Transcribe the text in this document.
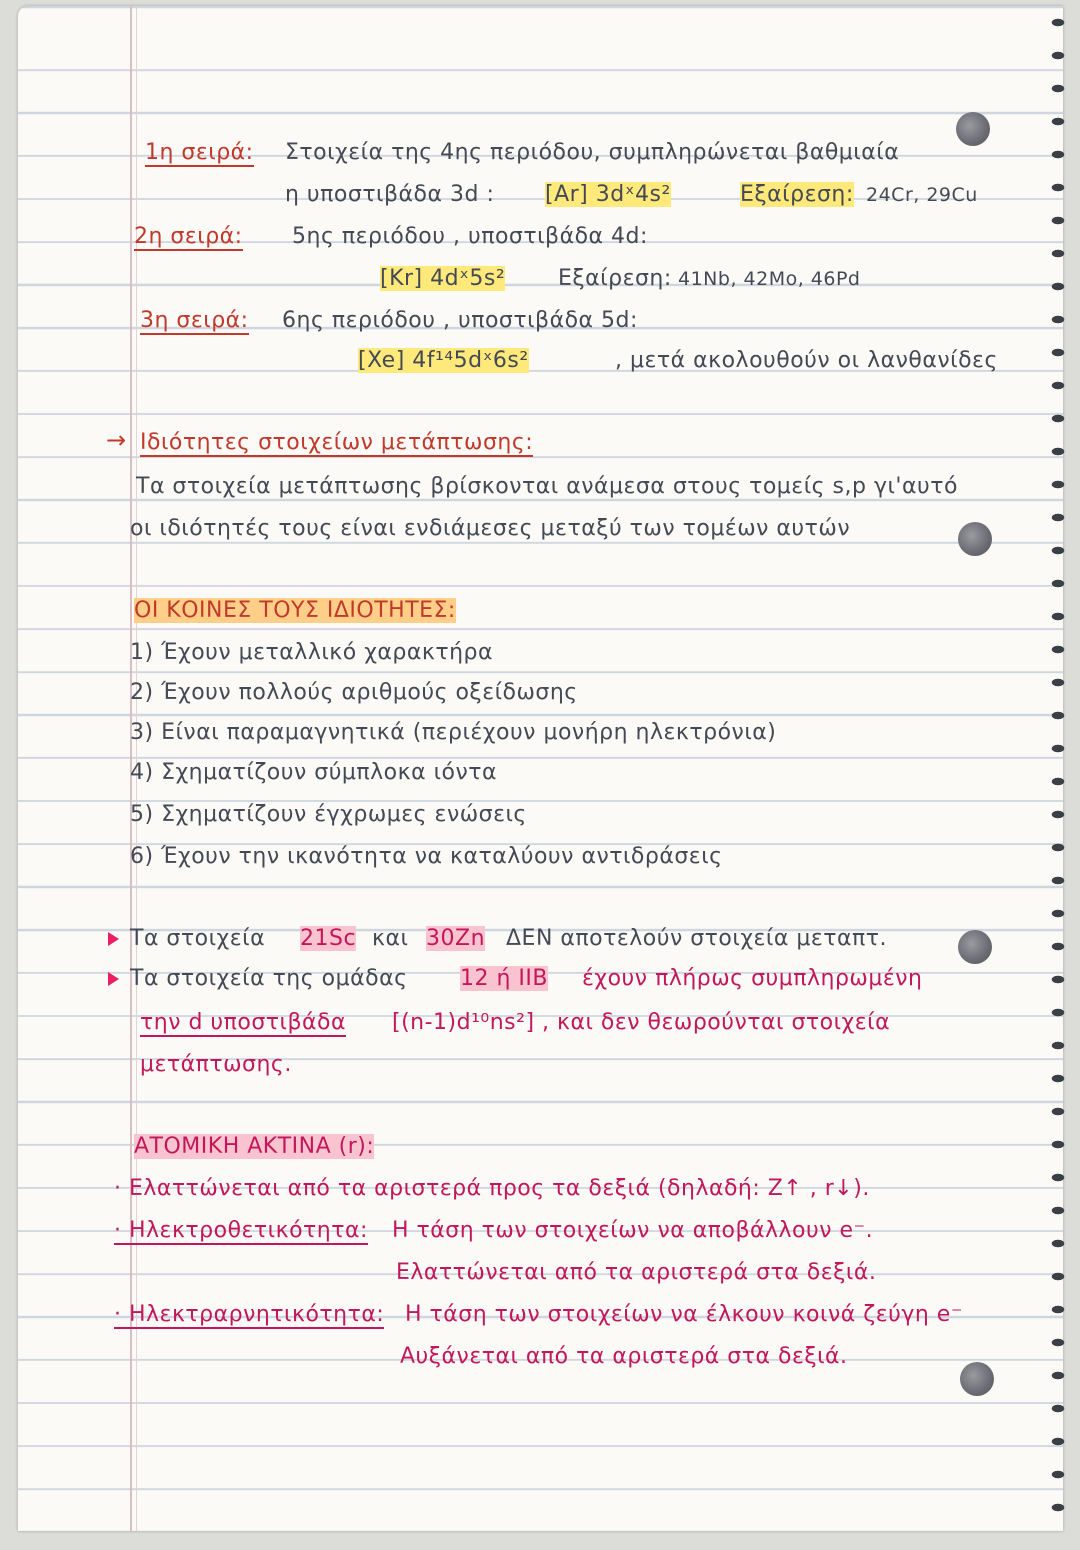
1η σειρά: Στοιχεία της 4ης περιόδου, συμπληρώνεται βαθμιαία
η υποστιβάδα 3d : [Ar] 3dˣ4s²	Εξαίρεση: 24Cr, 29Cu
2η σειρά: 5ης περιόδου , υποστιβάδα 4d:
[Kr] 4dˣ5s² Εξαίρεση: 41Nb, 42Mo, 46Pd
3η σειρά: 6ης περιόδου , υποστιβάδα 5d:
[Xe] 4f¹⁴5dˣ6s²	, μετά ακολουθούν οι λανθανίδες
→ Ιδιότητες στοιχείων μετάπτωσης:
Τα στοιχεία μετάπτωσης βρίσκονται ανάμεσα στους τομείς s,p γι'αυτό
οι ιδιότητές τους είναι ενδιάμεσες μεταξύ των τομέων αυτών
ΟΙ ΚΟΙΝΕΣ ΤΟΥΣ ΙΔΙΟΤΗΤΕΣ:
1) Έχουν μεταλλικό χαρακτήρα
2) Έχουν πολλούς αριθμούς οξείδωσης
3) Είναι παραμαγνητικά (περιέχουν μονήρη ηλεκτρόνια)
4) Σχηματίζουν σύμπλοκα ιόντα
5) Σχηματίζουν έγχρωμες ενώσεις
6) Έχουν την ικανότητα να καταλύουν αντιδράσεις
Τα στοιχεία 21Sc και 30Zn ΔΕΝ αποτελούν στοιχεία μεταπτ.
Τα στοιχεία της ομάδας 12 ή IIB έχουν πλήρως συμπληρωμένη
την d υποστιβάδα [(n-1)d¹⁰ns²] , και δεν θεωρούνται στοιχεία
μετάπτωσης.
ΑΤΟΜΙΚΗ ΑΚΤΙΝΑ (r):
· Ελαττώνεται από τα αριστερά προς τα δεξιά (δηλαδή: Z↑ , r↓).
· Ηλεκτροθετικότητα: Η τάση των στοιχείων να αποβάλλουν e⁻.
Ελαττώνεται από τα αριστερά στα δεξιά.
· Ηλεκτραρνητικότητα: Η τάση των στοιχείων να έλκουν κοινά ζεύγη e⁻
Αυξάνεται από τα αριστερά στα δεξιά.
